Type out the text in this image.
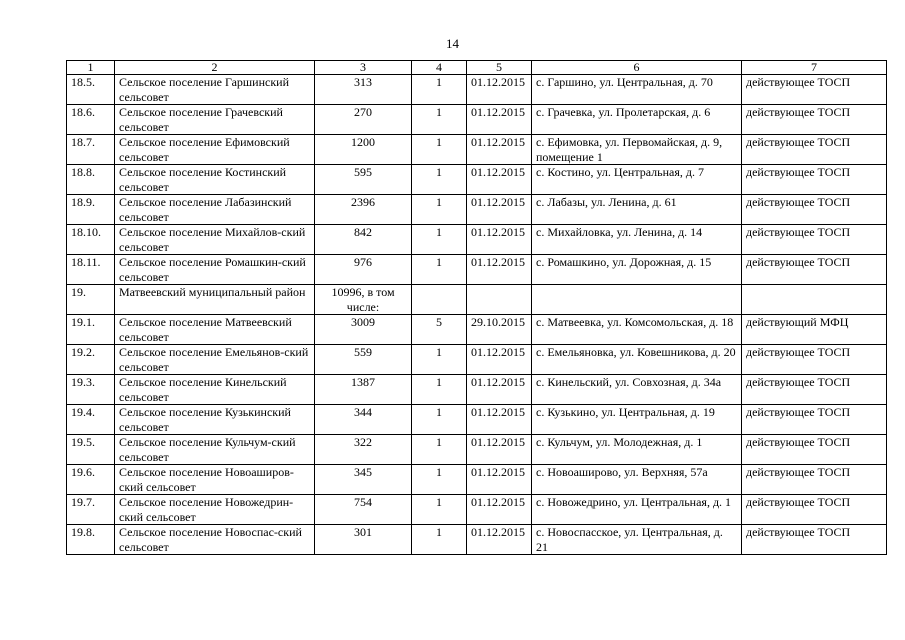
14
1	2	3	4	5	6	7
18.5.	Сельское поселение Гаршинский сельсовет	313	1	01.12.2015	с. Гаршино, ул. Центральная, д. 70	действующее ТОСП
18.6.	Сельское поселение Грачевский сельсовет	270	1	01.12.2015	с. Грачевка, ул. Пролетарская, д. 6	действующее ТОСП
18.7.	Сельское поселение Ефимовский сельсовет	1200	1	01.12.2015	с. Ефимовка, ул. Первомайская, д. 9, помещение 1	действующее ТОСП
18.8.	Сельское поселение Костинский сельсовет	595	1	01.12.2015	с. Костино, ул. Центральная, д. 7	действующее ТОСП
18.9.	Сельское поселение Лабазинский сельсовет	2396	1	01.12.2015	с. Лабазы, ул. Ленина, д. 61	действующее ТОСП
18.10.	Сельское поселение Михайлов-ский сельсовет	842	1	01.12.2015	с. Михайловка, ул. Ленина, д. 14	действующее ТОСП
18.11.	Сельское поселение Ромашкин-ский сельсовет	976	1	01.12.2015	с. Ромашкино, ул. Дорожная, д. 15	действующее ТОСП
19.	Матвеевский муниципальный район	10996, в том числе:				
19.1.	Сельское поселение Матвеевский сельсовет	3009	5	29.10.2015	с. Матвеевка, ул. Комсомольская, д. 18	действующий МФЦ
19.2.	Сельское поселение Емельянов-ский сельсовет	559	1	01.12.2015	с. Емельяновка, ул. Ковешникова, д. 20	действующее ТОСП
19.3.	Сельское поселение Кинельский сельсовет	1387	1	01.12.2015	с. Кинельский, ул. Совхозная, д. 34а	действующее ТОСП
19.4.	Сельское поселение Кузькинский сельсовет	344	1	01.12.2015	с. Кузькино, ул. Центральная, д. 19	действующее ТОСП
19.5.	Сельское поселение Кульчум-ский сельсовет	322	1	01.12.2015	с. Кульчум, ул. Молодежная, д. 1	действующее ТОСП
19.6.	Сельское поселение Новоаширов-ский сельсовет	345	1	01.12.2015	с. Новоаширово, ул. Верхняя, 57а	действующее ТОСП
19.7.	Сельское поселение Новожедрин-ский сельсовет	754	1	01.12.2015	с. Новожедрино, ул. Центральная, д. 1	действующее ТОСП
19.8.	Сельское поселение Новоспас-ский сельсовет	301	1	01.12.2015	с. Новоспасское, ул. Центральная, д. 21	действующее ТОСП
